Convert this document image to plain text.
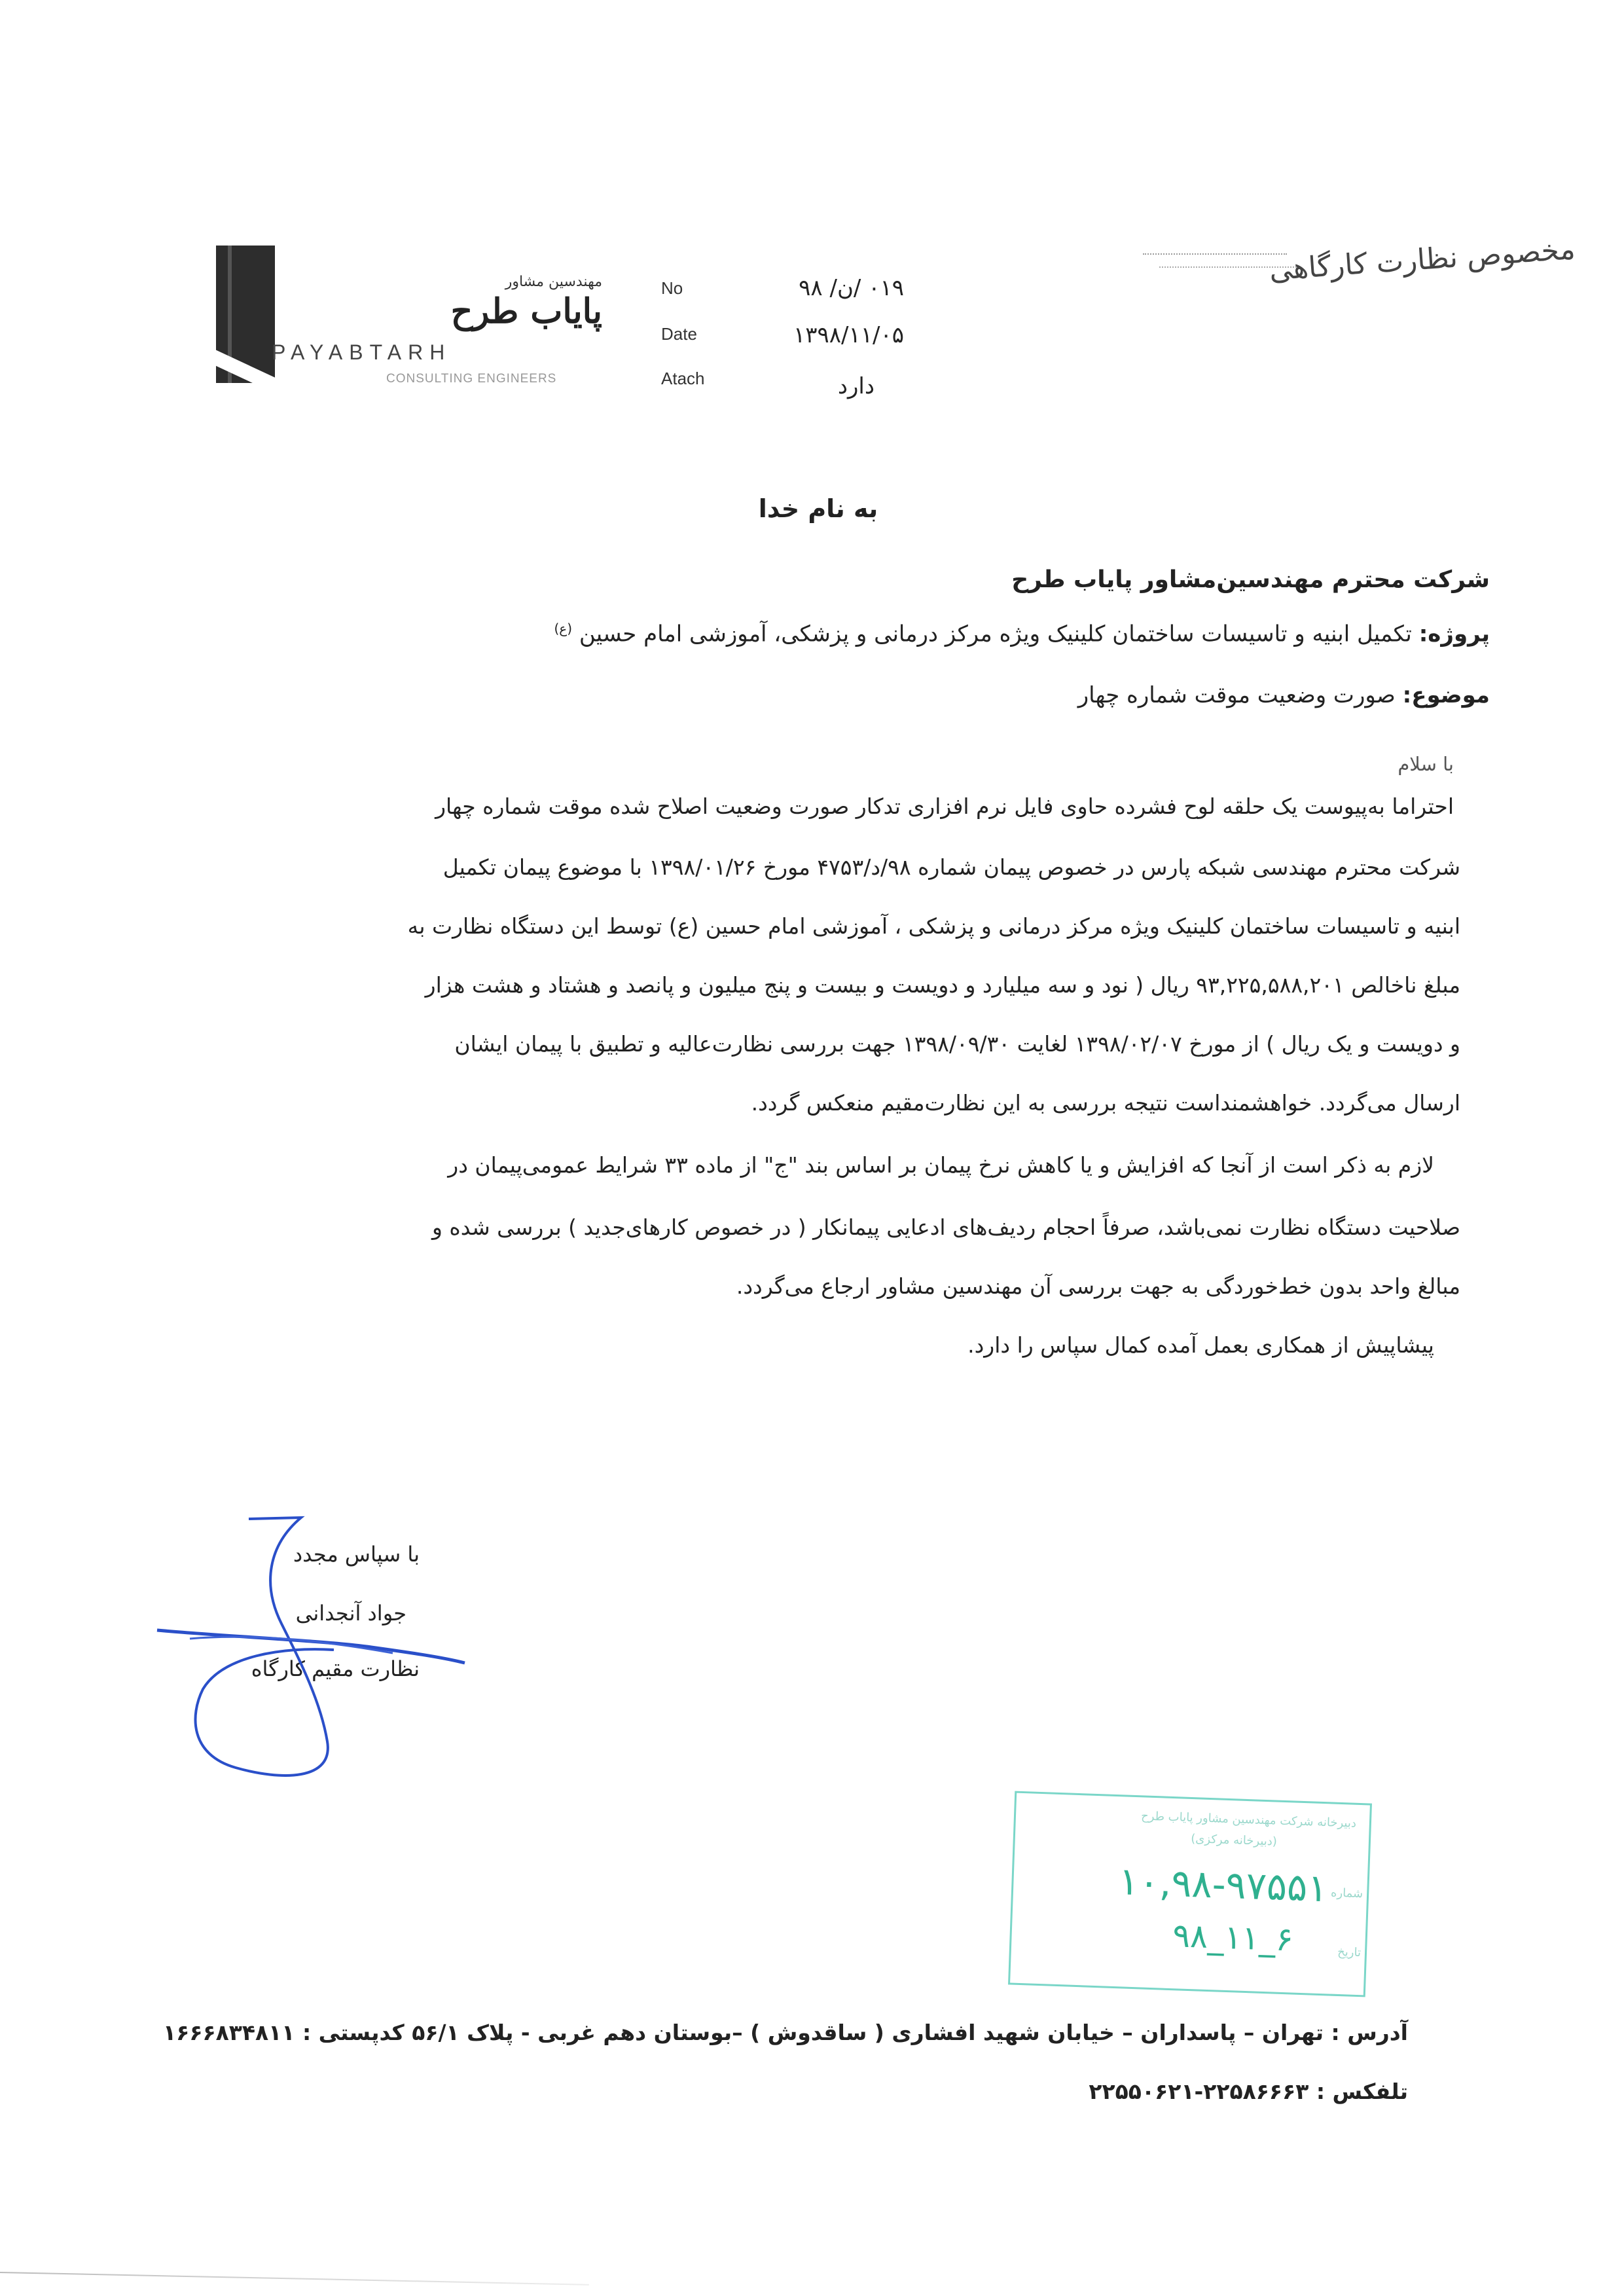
مخصوص نظارت کارگاهی
مهندسین مشاور
پایاب طرح
PAYABTARH
CONSULTING ENGINEERS
No	۰۱۹ /ن/ ۹۸
Date	۱۳۹۸/۱۱/۰۵
Atach	دارد
به نام خدا
شرکت محترم مهندسین‌مشاور پایاب طرح
پروژه: تکمیل ابنیه و تاسیسات ساختمان کلینیک ویژه مرکز درمانی و پزشکی، آموزشی امام حسین $^{(ع)}$
موضوع: صورت وضعیت موقت شماره چهار
با سلام
احتراما به‌پیوست یک حلقه لوح فشرده حاوی فایل نرم افزاری تدکار صورت وضعیت اصلاح شده موقت شماره چهار
شرکت محترم مهندسی شبکه پارس در خصوص پیمان شماره ۹۸/د/۴۷۵۳ مورخ ۱۳۹۸/۰۱/۲۶ با موضوع پیمان تکمیل
ابنیه و تاسیسات ساختمان کلینیک ویژه مرکز درمانی و پزشکی ، آموزشی امام حسین (ع) توسط این دستگاه نظارت به
مبلغ ناخالص ۹۳,۲۲۵,۵۸۸,۲۰۱ ریال ( نود و سه میلیارد و دویست و بیست و پنج میلیون و پانصد و هشتاد و هشت هزار
و دویست و یک ریال ) از مورخ ۱۳۹۸/۰۲/۰۷ لغایت ۱۳۹۸/۰۹/۳۰ جهت بررسی نظارت‌عالیه و تطبیق با پیمان ایشان
ارسال می‌گردد. خواهشمنداست نتیجه بررسی به این نظارت‌مقیم منعکس گردد.
لازم به ذکر است از آنجا که افزایش و یا کاهش نرخ پیمان بر اساس بند "ج" از ماده ۳۳ شرایط عمومی‌پیمان در
صلاحیت دستگاه نظارت نمی‌باشد، صرفاً احجام ردیف‌های ادعایی پیمانکار ( در خصوص کارهای‌جدید ) بررسی شده و
مبالغ واحد بدون خط‌خوردگی به جهت بررسی آن مهندسین مشاور ارجاع می‌گردد.
پیشاپیش از همکاری بعمل آمده کمال سپاس را دارد.
با سپاس مجدد
جواد آنجدانی
نظارت مقیم کارگاه
دبیرخانه شرکت مهندسین مشاور پایاب طرح
(دبیرخانه مرکزی)
شماره
۱۰,۹۸-۹۷۵۵۱
تاریخ
۹۸_۱۱_۶
آدرس : تهران – پاسداران – خیابان شهید افشاری ( ساقدوش ) –بوستان دهم غربی - پلاک ۵۶/۱ کدپستی : ۱۶۶۶۸۳۴۸۱۱
تلفکس : ۲۲۵۸۶۶۶۳-۲۲۵۵۰۶۲۱
